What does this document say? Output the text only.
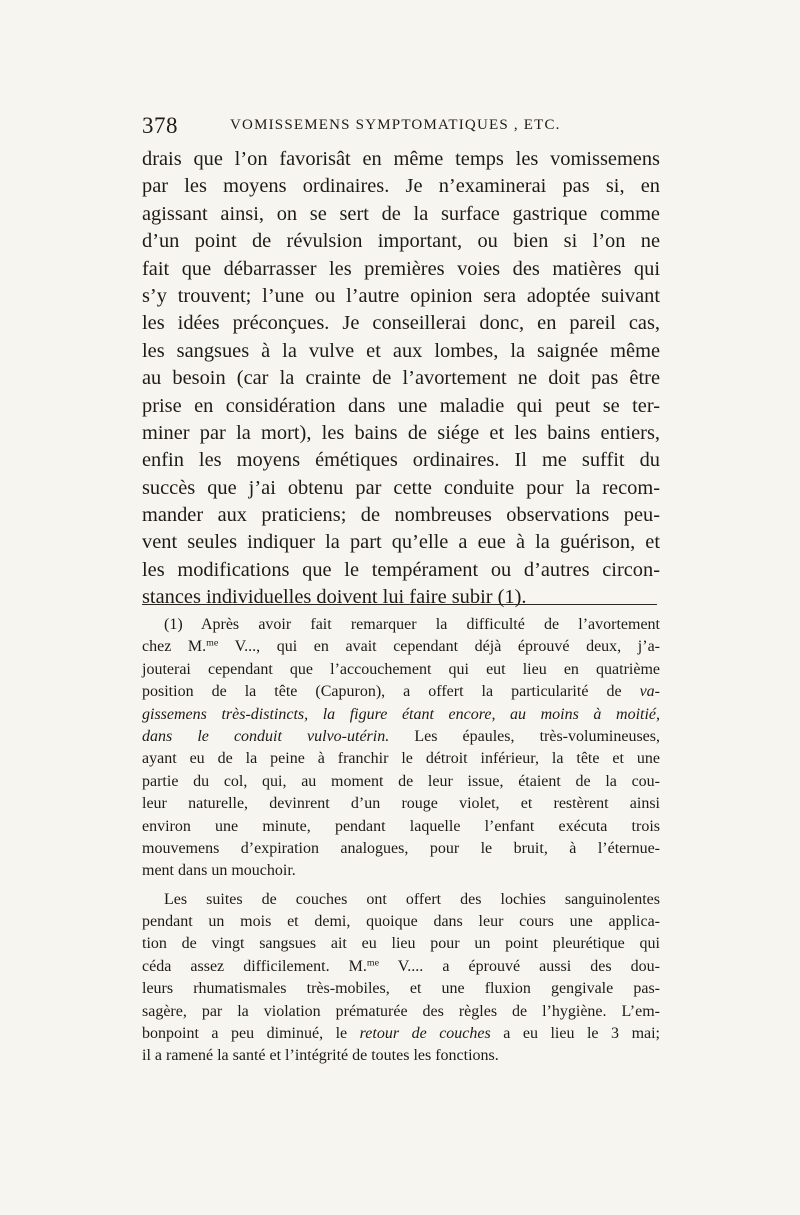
378	VOMISSEMENS SYMPTOMATIQUES , ETC.
drais que l’on favorisât en même temps les vomissemens
par les moyens ordinaires. Je n’examinerai pas si, en
agissant ainsi, on se sert de la surface gastrique comme
d’un point de révulsion important, ou bien si l’on ne
fait que débarrasser les premières voies des matières qui
s’y trouvent; l’une ou l’autre opinion sera adoptée suivant
les idées préconçues. Je conseillerai donc, en pareil cas,
les sangsues à la vulve et aux lombes, la saignée même
au besoin (car la crainte de l’avortement ne doit pas être
prise en considération dans une maladie qui peut se ter-
miner par la mort), les bains de siége et les bains entiers,
enfin les moyens émétiques ordinaires. Il me suffit du
succès que j’ai obtenu par cette conduite pour la recom-
mander aux praticiens; de nombreuses observations peu-
vent seules indiquer la part qu’elle a eue à la guérison, et
les modifications que le tempérament ou d’autres circon-
stances individuelles doivent lui faire subir (1).
(1) Après avoir fait remarquer la difficulté de l’avortement
chez M.$^{me}$ V..., qui en avait cependant déjà éprouvé deux, j’a-
jouterai cependant que l’accouchement qui eut lieu en quatrième
position de la tête (Capuron), a offert la particularité de va-
gissemens très-distincts, la figure étant encore, au moins à moitié,
dans le conduit vulvo-utérin. Les épaules, très-volumineuses,
ayant eu de la peine à franchir le détroit inférieur, la tête et une
partie du col, qui, au moment de leur issue, étaient de la cou-
leur naturelle, devinrent d’un rouge violet, et restèrent ainsi
environ une minute, pendant laquelle l’enfant exécuta trois
mouvemens d’expiration analogues, pour le bruit, à l’éternue-
ment dans un mouchoir.
Les suites de couches ont offert des lochies sanguinolentes
pendant un mois et demi, quoique dans leur cours une applica-
tion de vingt sangsues ait eu lieu pour un point pleurétique qui
céda assez difficilement. M.$^{me}$ V.... a éprouvé aussi des dou-
leurs rhumatismales très-mobiles, et une fluxion gengivale pas-
sagère, par la violation prématurée des règles de l’hygiène. L’em-
bonpoint a peu diminué, le retour de couches a eu lieu le 3 mai;
il a ramené la santé et l’intégrité de toutes les fonctions.
